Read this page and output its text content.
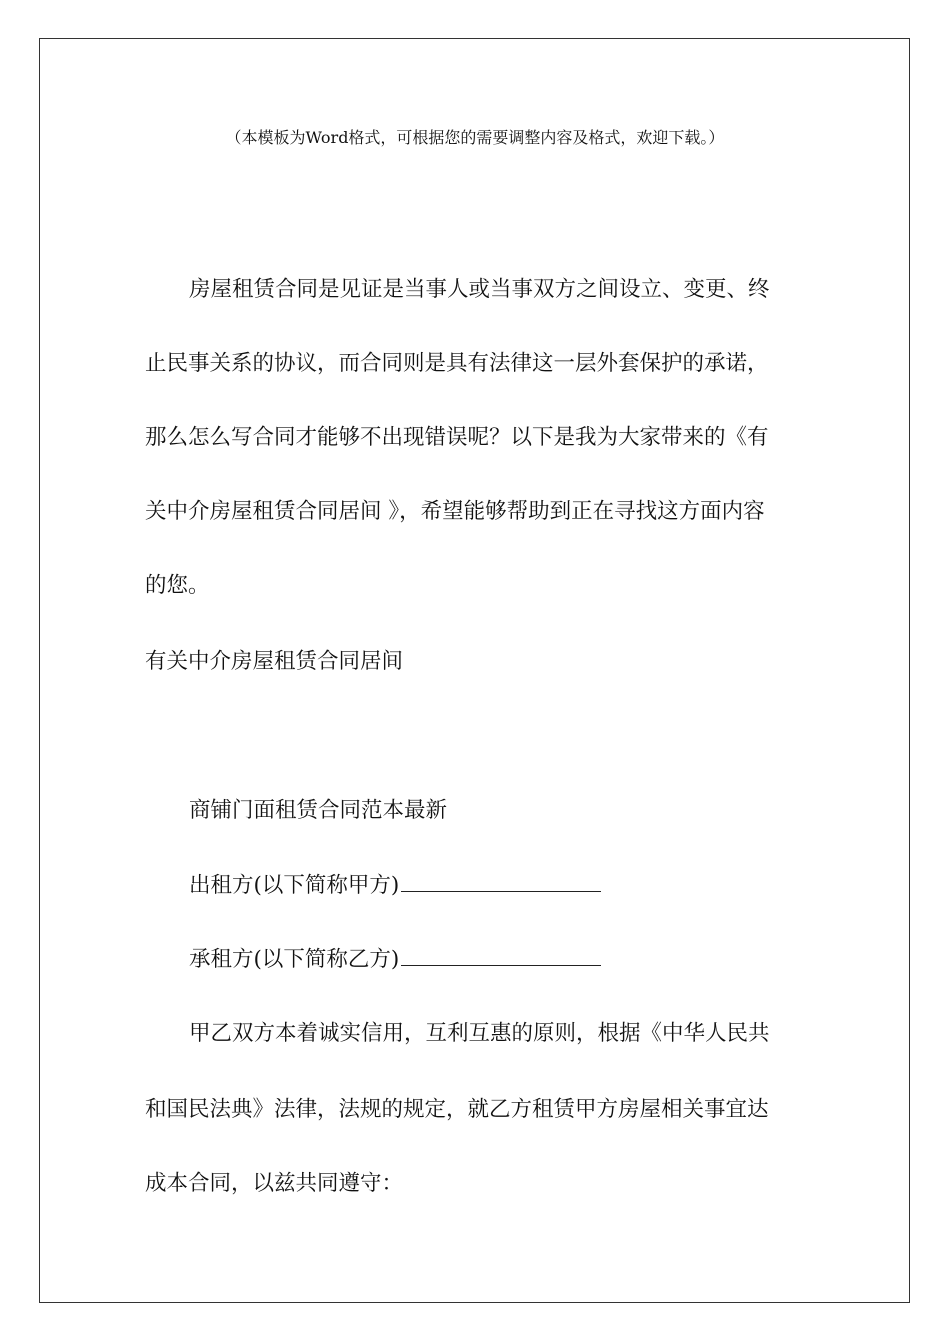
（本模板为Word格式，可根据您的需要调整内容及格式，欢迎下载。）
房屋租赁合同是见证是当事人或当事双方之间设立、变更、终
止民事关系的协议，而合同则是具有法律这一层外套保护的承诺，
那么怎么写合同才能够不出现错误呢？以下是我为大家带来的《有
关中介房屋租赁合同居间 》，希望能够帮助到正在寻找这方面内容
的您。
有关中介房屋租赁合同居间
商铺门面租赁合同范本最新
出租方(以下简称甲方)
承租方(以下简称乙方)
甲乙双方本着诚实信用，互利互惠的原则，根据《中华人民共
和国民法典》法律，法规的规定，就乙方租赁甲方房屋相关事宜达
成本合同，以兹共同遵守：
